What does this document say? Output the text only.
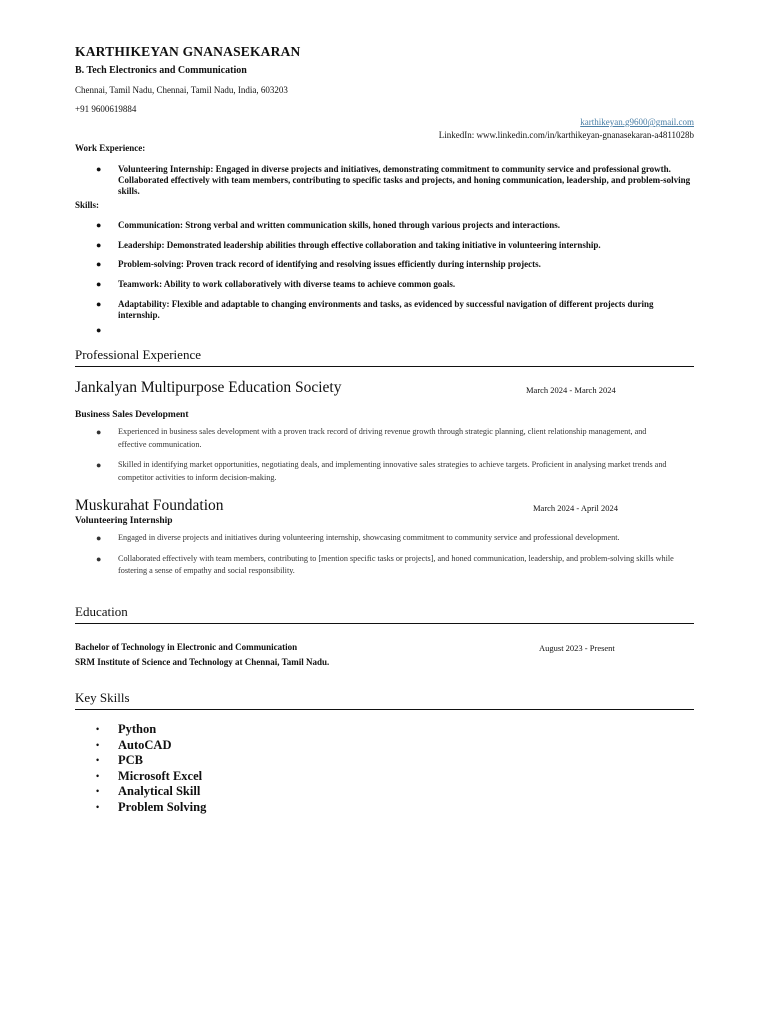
KARTHIKEYAN GNANASEKARAN
B. Tech Electronics and Communication
Chennai, Tamil Nadu, Chennai, Tamil Nadu, India, 603203
+91 9600619884
karthikeyan.g9600@gmail.com
LinkedIn: www.linkedin.com/in/karthikeyan-gnanasekaran-a4811028b
Work Experience:
● Volunteering Internship: Engaged in diverse projects and initiatives, demonstrating commitment to community service and professional growth. Collaborated effectively with team members, contributing to specific tasks and projects, and honing communication, leadership, and problem-solving skills.
Skills:
● Communication: Strong verbal and written communication skills, honed through various projects and interactions.
● Leadership: Demonstrated leadership abilities through effective collaboration and taking initiative in volunteering internship.
● Problem-solving: Proven track record of identifying and resolving issues efficiently during internship projects.
● Teamwork: Ability to work collaboratively with diverse teams to achieve common goals.
● Adaptability: Flexible and adaptable to changing environments and tasks, as evidenced by successful navigation of different projects during internship.
●
Professional Experience
Jankalyan Multipurpose Education Society	March 2024 - March 2024
Business Sales Development
● Experienced in business sales development with a proven track record of driving revenue growth through strategic planning, client relationship management, and effective communication.
● Skilled in identifying market opportunities, negotiating deals, and implementing innovative sales strategies to achieve targets. Proficient in analysing market trends and competitor activities to inform decision-making.
Muskurahat Foundation	March 2024 - April 2024
Volunteering Internship
● Engaged in diverse projects and initiatives during volunteering internship, showcasing commitment to community service and professional development.
● Collaborated effectively with team members, contributing to [mention specific tasks or projects], and honed communication, leadership, and problem-solving skills while fostering a sense of empathy and social responsibility.
Education
Bachelor of Technology in Electronic and Communication	August 2023 - Present
SRM Institute of Science and Technology at Chennai, Tamil Nadu.
Key Skills
• Python
• AutoCAD
• PCB
• Microsoft Excel
• Analytical Skill
• Problem Solving
